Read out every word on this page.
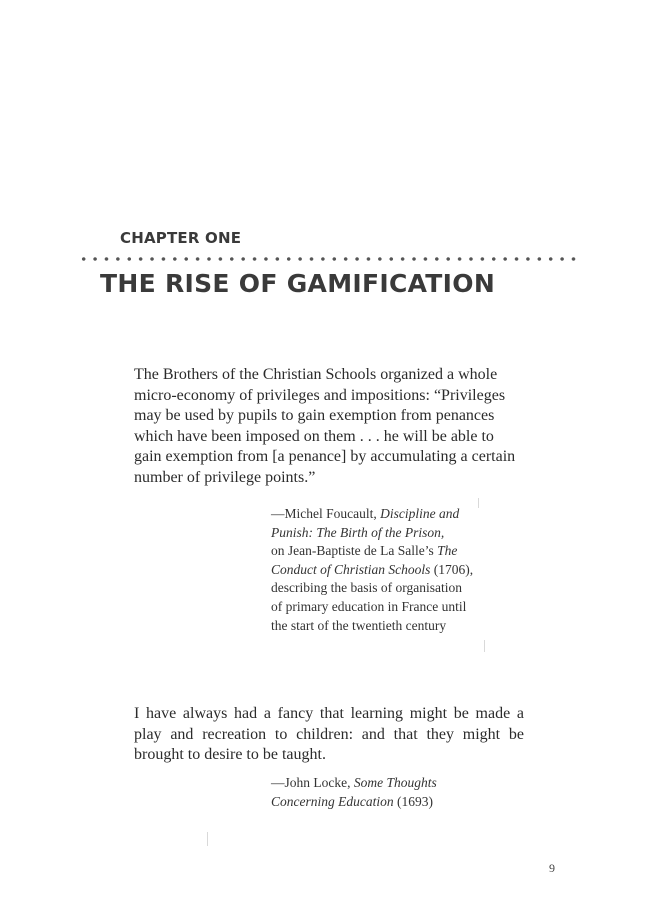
CHAPTER ONE
THE RISE OF GAMIFICATION
The Brothers of the Christian Schools organized a whole
micro-economy of privileges and impositions: “Privileges
may be used by pupils to gain exemption from penances
which have been imposed on them . . . he will be able to
gain exemption from [a penance] by accumulating a certain
number of privilege points.”
—Michel Foucault, Discipline and
Punish: The Birth of the Prison,
on Jean-Baptiste de La Salle’s The
Conduct of Christian Schools (1706),
describing the basis of organisation
of primary education in France until
the start of the twentieth century

I have always had a fancy that learning might be made a play and recreation to children: and that they might be brought to desire to be taught.

—John Locke, Some Thoughts
Concerning Education (1693)
9
